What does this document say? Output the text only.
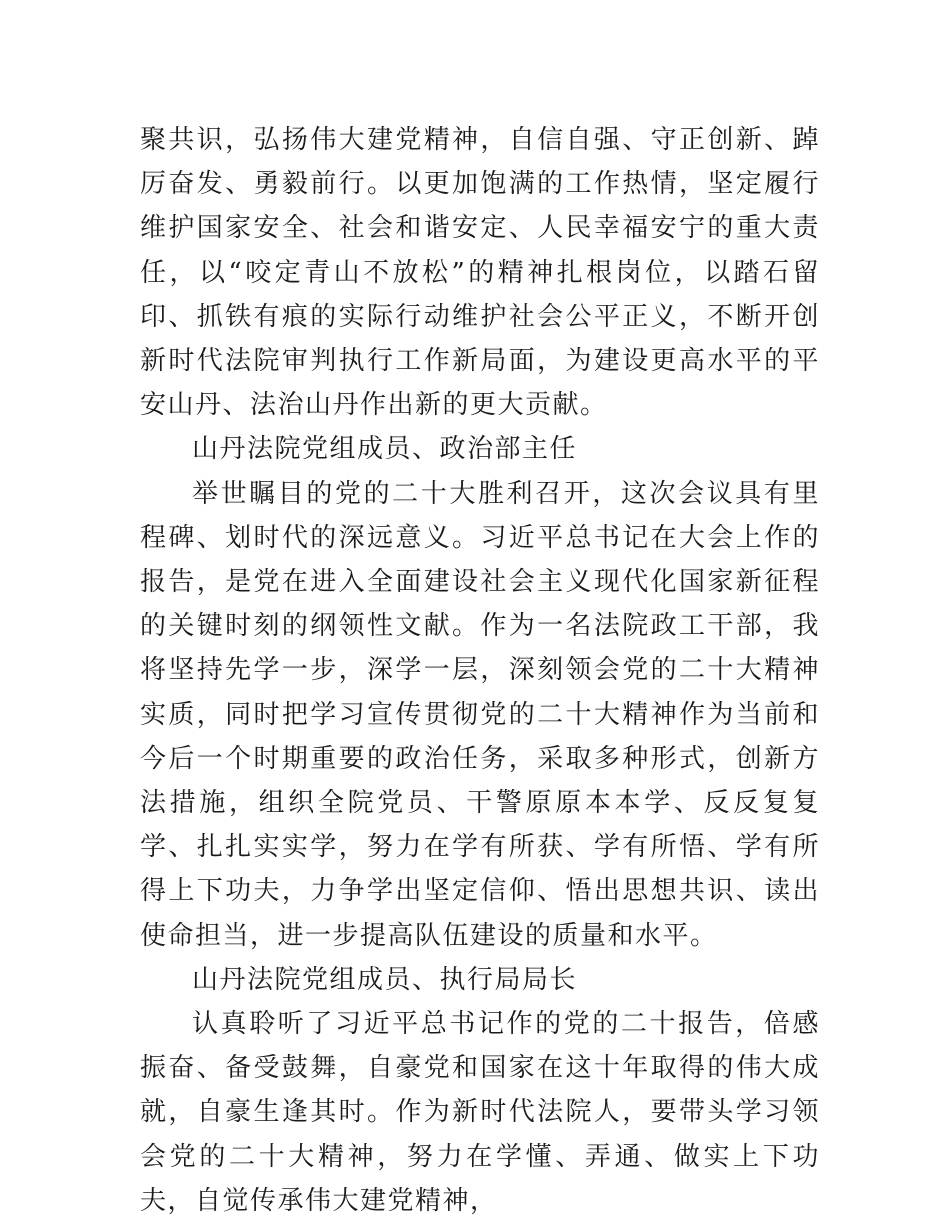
聚共识，弘扬伟大建党精神，自信自强、守正创新、踔厉奋发、勇毅前行。以更加饱满的工作热情，坚定履行维护国家安全、社会和谐安定、人民幸福安宁的重大责任，以“咬定青山不放松”的精神扎根岗位，以踏石留印、抓铁有痕的实际行动维护社会公平正义，不断开创新时代法院审判执行工作新局面，为建设更高水平的平安山丹、法治山丹作出新的更大贡献。

山丹法院党组成员、政治部主任

举世瞩目的党的二十大胜利召开，这次会议具有里程碑、划时代的深远意义。习近平总书记在大会上作的报告，是党在进入全面建设社会主义现代化国家新征程的关键时刻的纲领性文献。作为一名法院政工干部，我将坚持先学一步，深学一层，深刻领会党的二十大精神实质，同时把学习宣传贯彻党的二十大精神作为当前和今后一个时期重要的政治任务，采取多种形式，创新方法措施，组织全院党员、干警原原本本学、反反复复学、扎扎实实学，努力在学有所获、学有所悟、学有所得上下功夫，力争学出坚定信仰、悟出思想共识、读出使命担当，进一步提高队伍建设的质量和水平。

山丹法院党组成员、执行局局长

认真聆听了习近平总书记作的党的二十报告，倍感振奋、备受鼓舞，自豪党和国家在这十年取得的伟大成就，自豪生逢其时。作为新时代法院人，要带头学习领会党的二十大精神，努力在学懂、弄通、做实上下功夫，自觉传承伟大建党精神，
